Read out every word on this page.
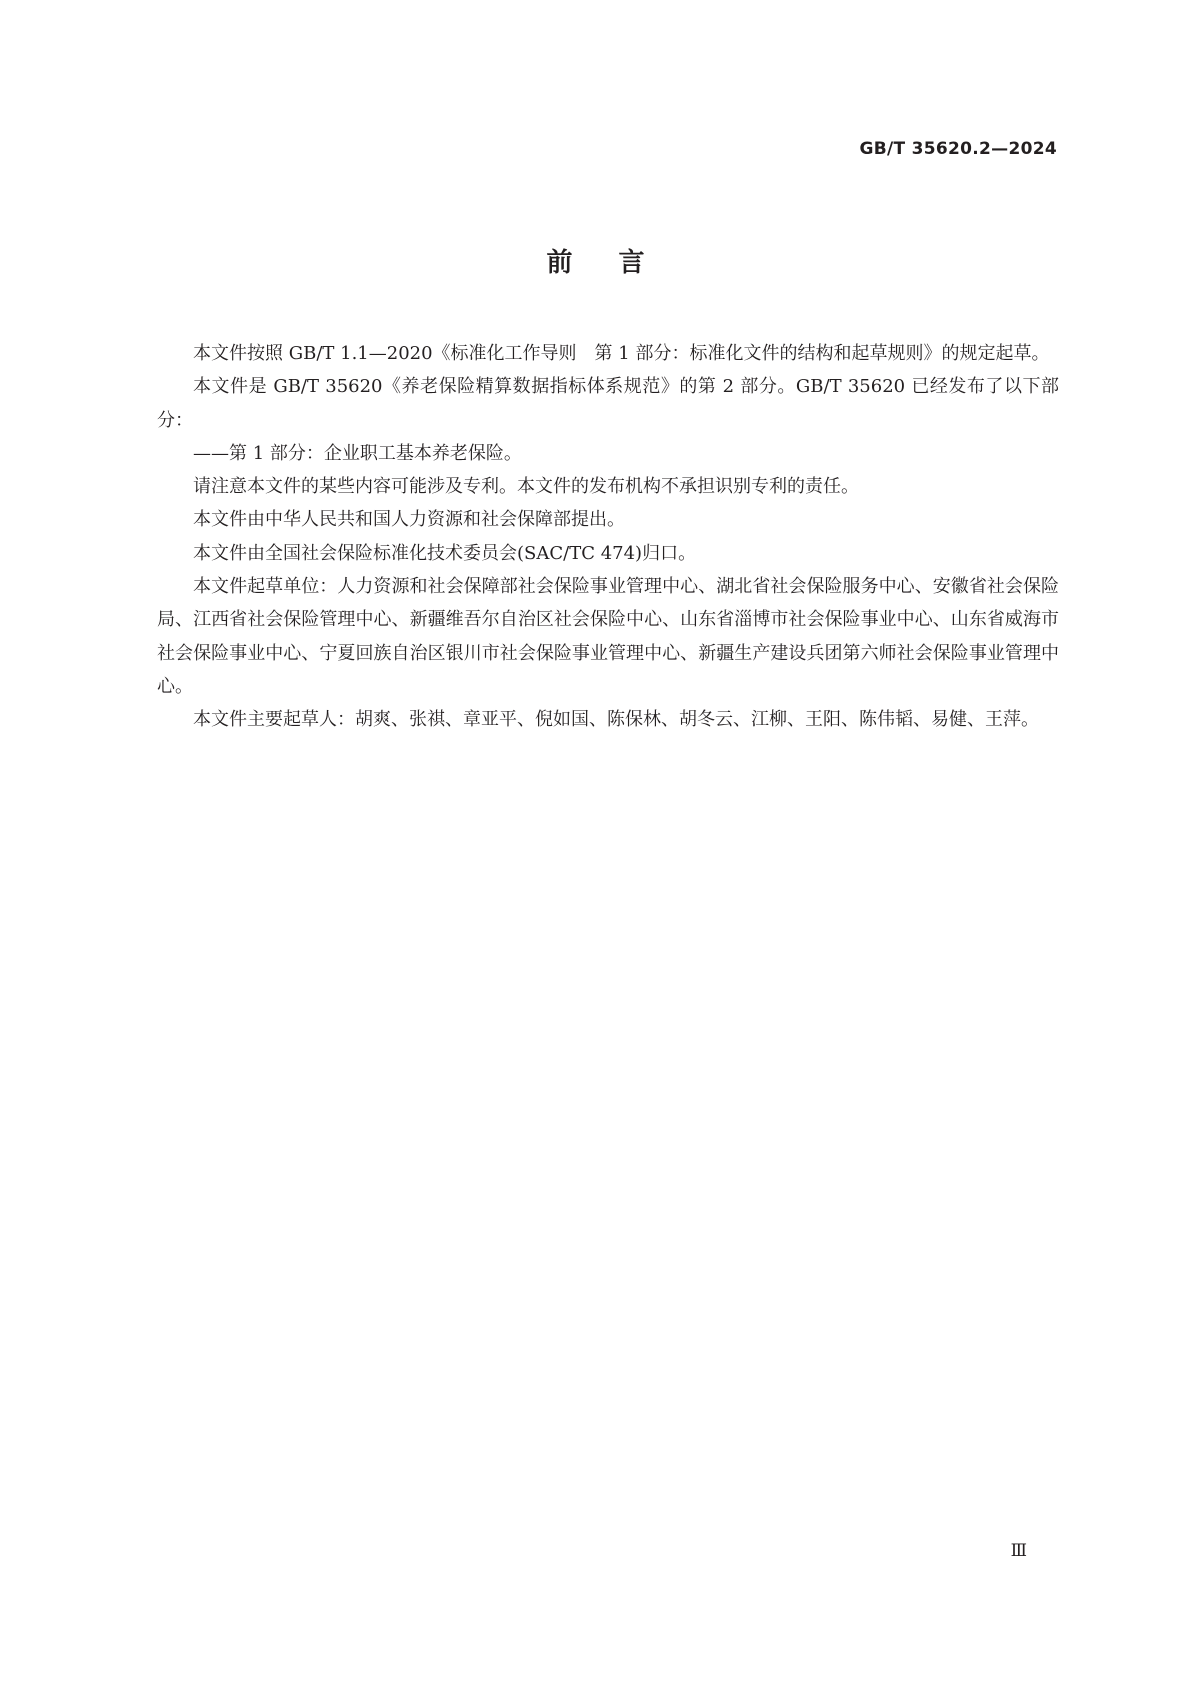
GB/T 35620.2—2024
前言

本文件按照 GB/T 1.1—2020《标准化工作导则　第 1 部分：标准化文件的结构和起草规则》的规定起草。

本文件是 GB/T 35620《养老保险精算数据指标体系规范》的第 2 部分。GB/T 35620 已经发布了以下部分：

——第 1 部分：企业职工基本养老保险。

请注意本文件的某些内容可能涉及专利。本文件的发布机构不承担识别专利的责任。

本文件由中华人民共和国人力资源和社会保障部提出。

本文件由全国社会保险标准化技术委员会(SAC/TC 474)归口。

本文件起草单位：人力资源和社会保障部社会保险事业管理中心、湖北省社会保险服务中心、安徽省社会保险局、江西省社会保险管理中心、新疆维吾尔自治区社会保险中心、山东省淄博市社会保险事业中心、山东省威海市社会保险事业中心、宁夏回族自治区银川市社会保险事业管理中心、新疆生产建设兵团第六师社会保险事业管理中心。

本文件主要起草人：胡爽、张祺、章亚平、倪如国、陈保林、胡冬云、江柳、王阳、陈伟韬、易健、王萍。

Ⅲ
